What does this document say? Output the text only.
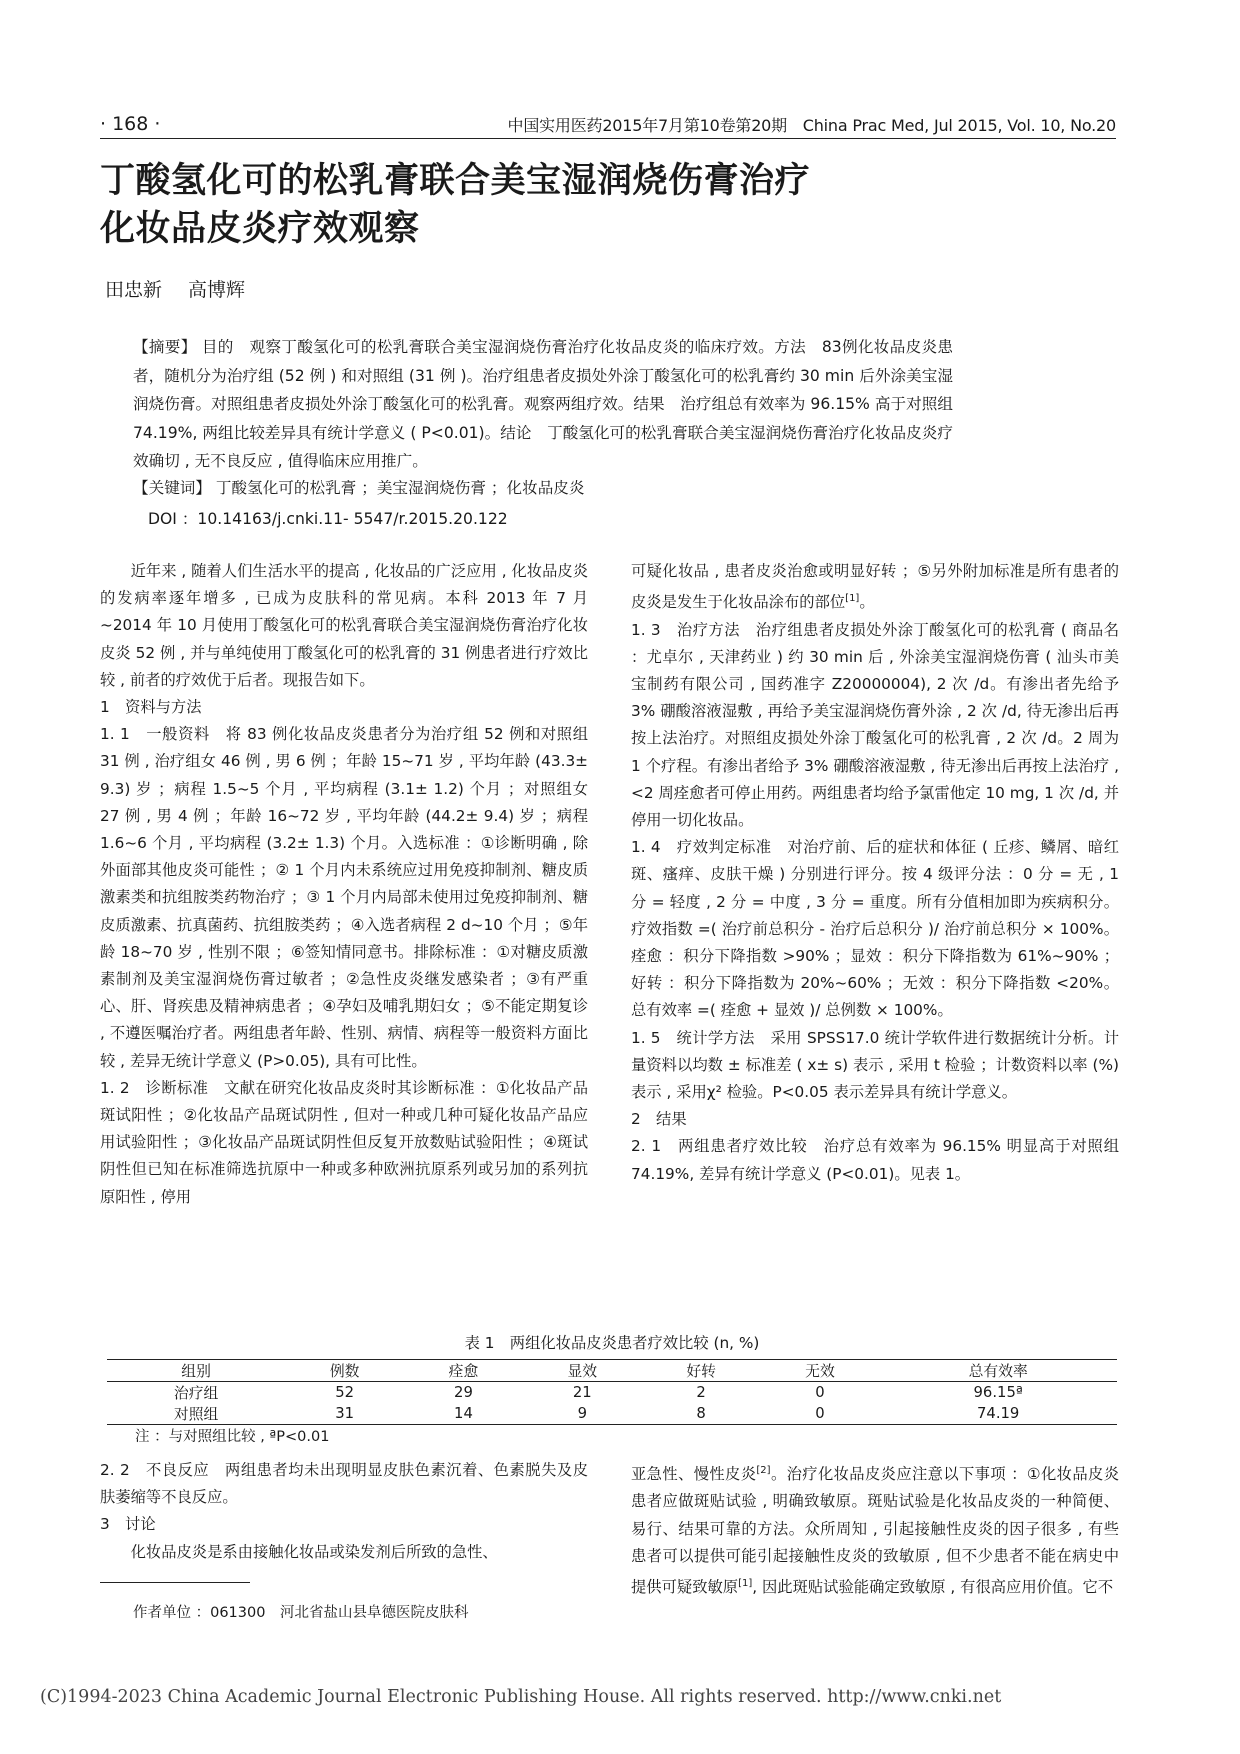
· 168 ·	中国实用医药2015年7月第10卷第20期　China Prac Med, Jul 2015, Vol. 10, No.20
丁酸氢化可的松乳膏联合美宝湿润烧伤膏治疗
化妆品皮炎疗效观察
田忠新 高博辉

【摘要】 目的　观察丁酸氢化可的松乳膏联合美宝湿润烧伤膏治疗化妆品皮炎的临床疗效。方法　83例化妆品皮炎患者，随机分为治疗组 (52 例 ) 和对照组 (31 例 )。治疗组患者皮损处外涂丁酸氢化可的松乳膏约 30 min 后外涂美宝湿润烧伤膏。对照组患者皮损处外涂丁酸氢化可的松乳膏。观察两组疗效。结果　治疗组总有效率为 96.15% 高于对照组 74.19%, 两组比较差异具有统计学意义 ( P<0.01)。结论　丁酸氢化可的松乳膏联合美宝湿润烧伤膏治疗化妆品皮炎疗效确切 , 无不良反应 , 值得临床应用推广。

【关键词】 丁酸氢化可的松乳膏 ；美宝湿润烧伤膏 ；化妆品皮炎
DOI ：10.14163/j.cnki.11- 5547/r.2015.20.122

近年来 , 随着人们生活水平的提高 , 化妆品的广泛应用 , 化妆品皮炎的发病率逐年增多 , 已成为皮肤科的常见病。本科 2013 年 7 月 ~2014 年 10 月使用丁酸氢化可的松乳膏联合美宝湿润烧伤膏治疗化妆皮炎 52 例 , 并与单纯使用丁酸氢化可的松乳膏的 31 例患者进行疗效比较 , 前者的疗效优于后者。现报告如下。

1　资料与方法

1. 1　一般资料　将 83 例化妆品皮炎患者分为治疗组 52 例和对照组 31 例 , 治疗组女 46 例 , 男 6 例 ；年龄 15~71 岁 , 平均年龄 (43.3± 9.3) 岁 ；病程 1.5~5 个月 , 平均病程 (3.1± 1.2) 个月 ；对照组女 27 例 , 男 4 例 ；年龄 16~72 岁 , 平均年龄 (44.2± 9.4) 岁 ；病程 1.6~6 个月 , 平均病程 (3.2± 1.3) 个月。入选标准 ：①诊断明确 , 除外面部其他皮炎可能性 ；② 1 个月内未系统应过用免疫抑制剂、糖皮质激素类和抗组胺类药物治疗 ；③ 1 个月内局部未使用过免疫抑制剂、糖皮质激素、抗真菌药、抗组胺类药 ；④入选者病程 2 d~10 个月 ；⑤年龄 18~70 岁 , 性别不限 ；⑥签知情同意书。排除标准 ：①对糖皮质激素制剂及美宝湿润烧伤膏过敏者 ；②急性皮炎继发感染者 ；③有严重心、肝、肾疾患及精神病患者 ；④孕妇及哺乳期妇女 ；⑤不能定期复诊 , 不遵医嘱治疗者。两组患者年龄、性别、病情、病程等一般资料方面比较 , 差异无统计学意义 (P>0.05), 具有可比性。

1. 2　诊断标准　文献在研究化妆品皮炎时其诊断标准 ：①化妆品产品斑试阳性 ；②化妆品产品斑试阴性 , 但对一种或几种可疑化妆品产品应用试验阳性 ；③化妆品产品斑试阴性但反复开放数贴试验阳性 ；④斑试阴性但已知在标准筛选抗原中一种或多种欧洲抗原系列或另加的系列抗原阳性 , 停用

可疑化妆品 , 患者皮炎治愈或明显好转 ；⑤另外附加标准是所有患者的皮炎是发生于化妆品涂布的部位[1]。

1. 3　治疗方法　治疗组患者皮损处外涂丁酸氢化可的松乳膏 ( 商品名 ：尤卓尔 , 天津药业 ) 约 30 min 后 , 外涂美宝湿润烧伤膏 ( 汕头市美宝制药有限公司 , 国药准字 Z20000004), 2 次 /d。有渗出者先给予 3% 硼酸溶液湿敷 , 再给予美宝湿润烧伤膏外涂 , 2 次 /d, 待无渗出后再按上法治疗。对照组皮损处外涂丁酸氢化可的松乳膏 , 2 次 /d。2 周为 1 个疗程。有渗出者给予 3% 硼酸溶液湿敷 , 待无渗出后再按上法治疗 , <2 周痊愈者可停止用药。两组患者均给予氯雷他定 10 mg, 1 次 /d, 并停用一切化妆品。

1. 4　疗效判定标准　对治疗前、后的症状和体征 ( 丘疹、鳞屑、暗红斑、瘙痒、皮肤干燥 ) 分别进行评分。按 4 级评分法 ：0 分 = 无 , 1 分 = 轻度 , 2 分 = 中度 , 3 分 = 重度。所有分值相加即为疾病积分。疗效指数 =( 治疗前总积分 - 治疗后总积分 )/ 治疗前总积分 × 100%。痊愈 ：积分下降指数 >90% ；显效 ：积分下降指数为 61%~90% ；好转 ：积分下降指数为 20%~60% ；无效 ：积分下降指数 <20%。总有效率 =( 痊愈 + 显效 )/ 总例数 × 100%。

1. 5　统计学方法　采用 SPSS17.0 统计学软件进行数据统计分析。计量资料以均数 ± 标准差 ( x± s) 表示 , 采用 t 检验 ；计数资料以率 (%) 表示 , 采用χ² 检验。P<0.05 表示差异具有统计学意义。

2　结果

2. 1　两组患者疗效比较　治疗总有效率为 96.15% 明显高于对照组 74.19%, 差异有统计学意义 (P<0.01)。见表 1。

表 1　两组化妆品皮炎患者疗效比较 (n, %)
组别	例数	痊愈	显效	好转	无效	总有效率
治疗组	52	29	21	2	0	96.15ª
对照组	31	14	9	8	0	74.19
注 ：与对照组比较 , ªP<0.01

2. 2　不良反应　两组患者均未出现明显皮肤色素沉着、色素脱失及皮肤萎缩等不良反应。

3　讨论

化妆品皮炎是系由接触化妆品或染发剂后所致的急性、

亚急性、慢性皮炎[2]。治疗化妆品皮炎应注意以下事项 ：①化妆品皮炎患者应做斑贴试验 , 明确致敏原。斑贴试验是化妆品皮炎的一种简便、易行、结果可靠的方法。众所周知 , 引起接触性皮炎的因子很多 , 有些患者可以提供可能引起接触性皮炎的致敏原 , 但不少患者不能在病史中提供可疑致敏原[1], 因此斑贴试验能确定致敏原 , 有很高应用价值。它不

作者单位 ：061300　河北省盐山县阜德医院皮肤科
(C)1994-2023 China Academic Journal Electronic Publishing House. All rights reserved. http://www.cnki.net
